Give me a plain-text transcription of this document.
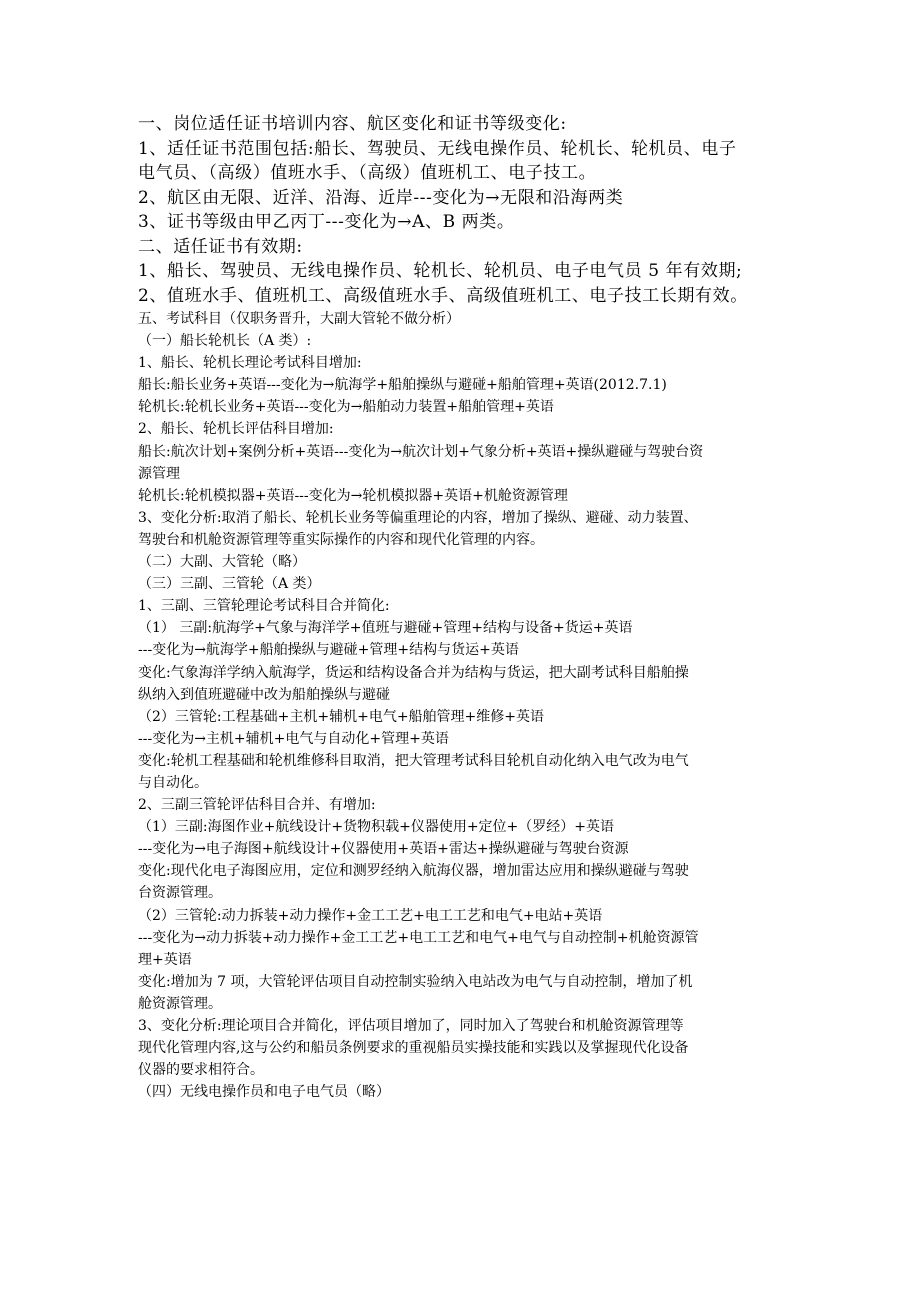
一、岗位适任证书培训内容、航区变化和证书等级变化:

1、适任证书范围包括:船长、驾驶员、无线电操作员、轮机长、轮机员、电子

电气员、（高级）值班水手、（高级）值班机工、电子技工。

2、航区由无限、近洋、沿海、近岸---变化为→无限和沿海两类

3、证书等级由甲乙丙丁---变化为→A、B 两类。

二、适任证书有效期:

1、船长、驾驶员、无线电操作员、轮机长、轮机员、电子电气员 5 年有效期;

2、值班水手、值班机工、高级值班水手、高级值班机工、电子技工长期有效。

五、考试科目（仅职务晋升，大副大管轮不做分析）

（一）船长轮机长（A 类）:

1、船长、轮机长理论考试科目增加:

船长:船长业务+英语---变化为→航海学+船舶操纵与避碰+船舶管理+英语(2012.7.1)

轮机长:轮机长业务+英语---变化为→船舶动力装置+船舶管理+英语

2、船长、轮机长评估科目增加:

船长:航次计划+案例分析+英语---变化为→航次计划+气象分析+英语+操纵避碰与驾驶台资

源管理

轮机长:轮机模拟器+英语---变化为→轮机模拟器+英语+机舱资源管理

3、变化分析:取消了船长、轮机长业务等偏重理论的内容，增加了操纵、避碰、动力装置、

驾驶台和机舱资源管理等重实际操作的内容和现代化管理的内容。

（二）大副、大管轮（略）

（三）三副、三管轮（A 类）

1、三副、三管轮理论考试科目合并简化:

（1） 三副:航海学+气象与海洋学+值班与避碰+管理+结构与设备+货运+英语

---变化为→航海学+船舶操纵与避碰+管理+结构与货运+英语

变化:气象海洋学纳入航海学，货运和结构设备合并为结构与货运，把大副考试科目船舶操

纵纳入到值班避碰中改为船舶操纵与避碰

（2）三管轮:工程基础+主机+辅机+电气+船舶管理+维修+英语

---变化为→主机+辅机+电气与自动化+管理+英语

变化:轮机工程基础和轮机维修科目取消，把大管理考试科目轮机自动化纳入电气改为电气

与自动化。

2、三副三管轮评估科目合并、有增加:

（1）三副:海图作业+航线设计+货物积载+仪器使用+定位+（罗经）+英语

---变化为→电子海图+航线设计+仪器使用+英语+雷达+操纵避碰与驾驶台资源

变化:现代化电子海图应用，定位和测罗经纳入航海仪器，增加雷达应用和操纵避碰与驾驶

台资源管理。

（2）三管轮:动力拆装+动力操作+金工工艺+电工工艺和电气+电站+英语

---变化为→动力拆装+动力操作+金工工艺+电工工艺和电气+电气与自动控制+机舱资源管

理+英语

变化:增加为 7 项，大管轮评估项目自动控制实验纳入电站改为电气与自动控制，增加了机

舱资源管理。

3、变化分析:理论项目合并简化，评估项目增加了，同时加入了驾驶台和机舱资源管理等

现代化管理内容,这与公约和船员条例要求的重视船员实操技能和实践以及掌握现代化设备

仪器的要求相符合。

（四）无线电操作员和电子电气员（略）
